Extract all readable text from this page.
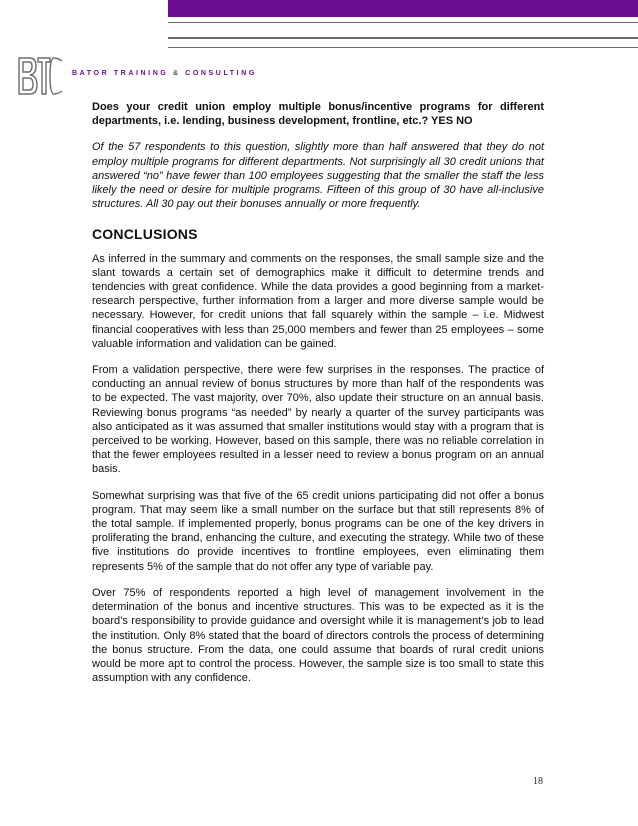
BATOR TRAINING & CONSULTING

Does your credit union employ multiple bonus/incentive programs for different departments, i.e. lending, business development, frontline, etc.? YES NO

Of the 57 respondents to this question, slightly more than half answered that they do not employ multiple programs for different departments. Not surprisingly all 30 credit unions that answered “no” have fewer than 100 employees suggesting that the smaller the staff the less likely the need or desire for multiple programs. Fifteen of this group of 30 have all-inclusive structures. All 30 pay out their bonuses annually or more frequently.

CONCLUSIONS

As inferred in the summary and comments on the responses, the small sample size and the slant towards a certain set of demographics make it difficult to determine trends and tendencies with great confidence. While the data provides a good beginning from a market-research perspective, further information from a larger and more diverse sample would be necessary. However, for credit unions that fall squarely within the sample – i.e. Midwest financial cooperatives with less than 25,000 members and fewer than 25 employees – some valuable information and validation can be gained.

From a validation perspective, there were few surprises in the responses. The practice of conducting an annual review of bonus structures by more than half of the respondents was to be expected. The vast majority, over 70%, also update their structure on an annual basis. Reviewing bonus programs “as needed” by nearly a quarter of the survey participants was also anticipated as it was assumed that smaller institutions would stay with a program that is perceived to be working. However, based on this sample, there was no reliable correlation in that the fewer employees resulted in a lesser need to review a bonus program on an annual basis.

Somewhat surprising was that five of the 65 credit unions participating did not offer a bonus program. That may seem like a small number on the surface but that still represents 8% of the total sample. If implemented properly, bonus programs can be one of the key drivers in proliferating the brand, enhancing the culture, and executing the strategy. While two of these five institutions do provide incentives to frontline employees, even eliminating them represents 5% of the sample that do not offer any type of variable pay.

Over 75% of respondents reported a high level of management involvement in the determination of the bonus and incentive structures. This was to be expected as it is the board’s responsibility to provide guidance and oversight while it is management’s job to lead the institution. Only 8% stated that the board of directors controls the process of determining the bonus structure. From the data, one could assume that boards of rural credit unions would be more apt to control the process. However, the sample size is too small to state this assumption with any confidence.

18
